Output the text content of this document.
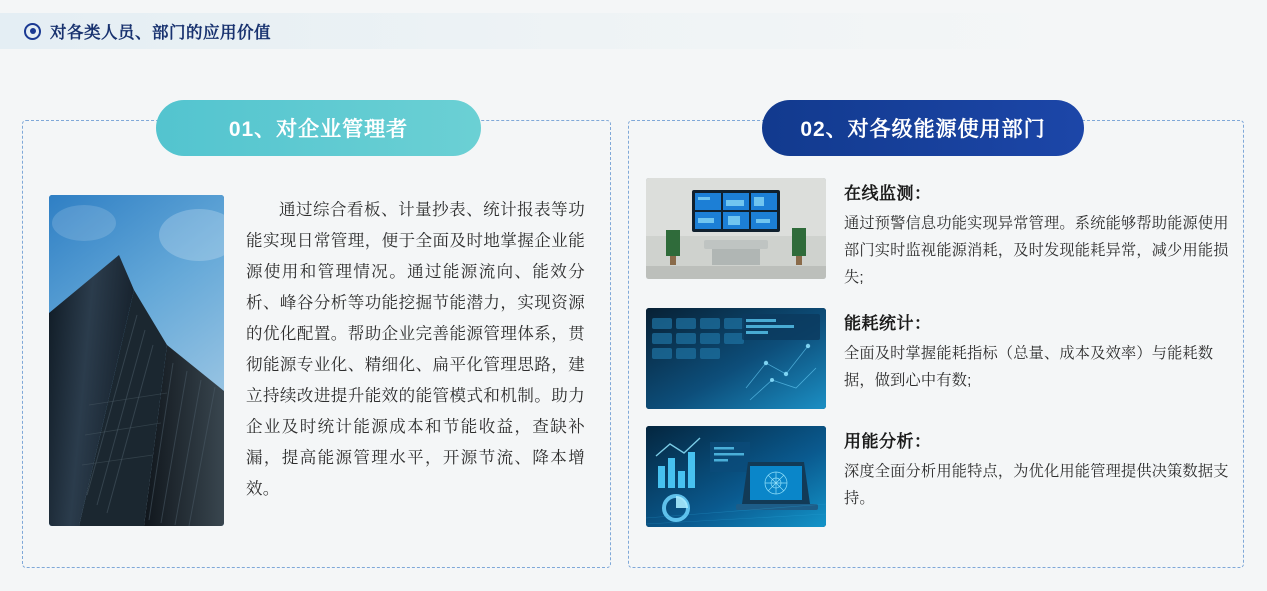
对各类人员、部门的应用价值
通过综合看板、计量抄表、统计报表等功能实现日常管理，便于全面及时地掌握企业能源使用和管理情况。通过能源流向、能效分析、峰谷分析等功能挖掘节能潜力，实现资源的优化配置。帮助企业完善能源管理体系，贯彻能源专业化、精细化、扁平化管理思路，建立持续改进提升能效的能管模式和机制。助力企业及时统计能源成本和节能收益，查缺补漏，提高能源管理水平，开源节流、降本增效。
01、对企业管理者
在线监测：
通过预警信息功能实现异常管理。系统能够帮助能源使用部门实时监视能源消耗，及时发现能耗异常，减少用能损失;
能耗统计：
全面及时掌握能耗指标（总量、成本及效率）与能耗数据，做到心中有数;
用能分析：
深度全面分析用能特点，为优化用能管理提供决策数据支持。
02、对各级能源使用部门
